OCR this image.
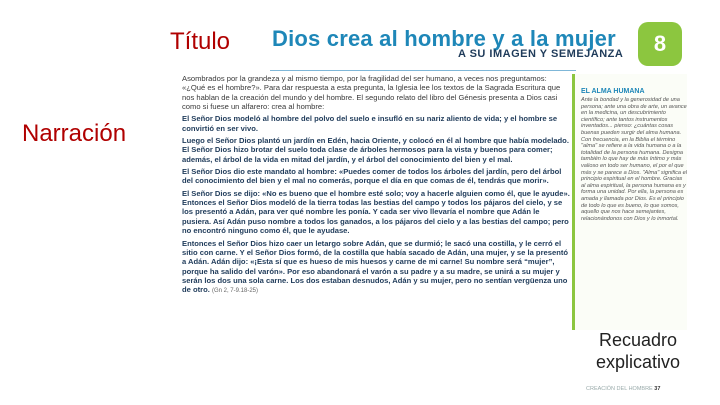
Título
Narración
Dios crea al hombre y a la mujer
A SU IMAGEN Y SEMEJANZA	8

Asombrados por la grandeza y al mismo tiempo, por la fragilidad del ser humano, a veces nos preguntamos: «¿Qué es el hombre?». Para dar respuesta a esta pregunta, la Iglesia lee los textos de la Sagrada Escritura que nos hablan de la creación del mundo y del hombre. El segundo relato del libro del Génesis presenta a Dios casi como si fuese un alfarero: crea al hombre:

El Señor Dios modeló al hombre del polvo del suelo e insufló en su nariz aliento de vida; y el hombre se convirtió en ser vivo.

Luego el Señor Dios plantó un jardín en Edén, hacia Oriente, y colocó en él al hombre que había modelado. El Señor Dios hizo brotar del suelo toda clase de árboles hermosos para la vista y buenos para comer; además, el árbol de la vida en mitad del jardín, y el árbol del conocimiento del bien y el mal.

El Señor Dios dio este mandato al hombre: «Puedes comer de todos los árboles del jardín, pero del árbol del conocimiento del bien y el mal no comerás, porque el día en que comas de él, tendrás que morir».

El Señor Dios se dijo: «No es bueno que el hombre esté solo; voy a hacerle alguien como él, que le ayude». Entonces el Señor Dios modeló de la tierra todas las bestias del campo y todos los pájaros del cielo, y se los presentó a Adán, para ver qué nombre les ponía. Y cada ser vivo llevaría el nombre que Adán le pusiera. Así Adán puso nombre a todos los ganados, a los pájaros del cielo y a las bestias del campo; pero no encontró ninguno como él, que le ayudase.

Entonces el Señor Dios hizo caer un letargo sobre Adán, que se durmió; le sacó una costilla, y le cerró el sitio con carne. Y el Señor Dios formó, de la costilla que había sacado de Adán, una mujer, y se la presentó a Adán. Adán dijo: «¡Esta sí que es hueso de mis huesos y carne de mi carne! Su nombre será “mujer”, porque ha salido del varón». Por eso abandonará el varón a su padre y a su madre, se unirá a su mujer y serán los dos una sola carne. Los dos estaban desnudos, Adán y su mujer, pero no sentían vergüenza uno de otro. (Gn 2, 7-9.18-25)

EL ALMA HUMANA
Ante la bondad y la generosidad de una persona; ante una obra de arte, un avance en la medicina, un descubrimiento científico; ante tantos instrumentos inventados... pienso: ¿cuántas cosas buenas pueden surgir del alma humana. Con frecuencia, en la Biblia el término "alma" se refiere a la vida humana o a la totalidad de la persona humana. Designa también lo que hay de más íntimo y más valioso en todo ser humano, el por el que más y se parece a Dios. "Alma" significa el principio espiritual en el hombre. Gracias al alma espiritual, la persona humana es y forma una unidad. Por ella, la persona es amada y llamada por Dios. Es el principio de todo lo que es bueno, lo que somos, aquello que nos hace semejantes, relacionándonos con Dios y lo inmortal.
Recuadro
explicativo
CREACIÓN DEL HOMBRE 37
